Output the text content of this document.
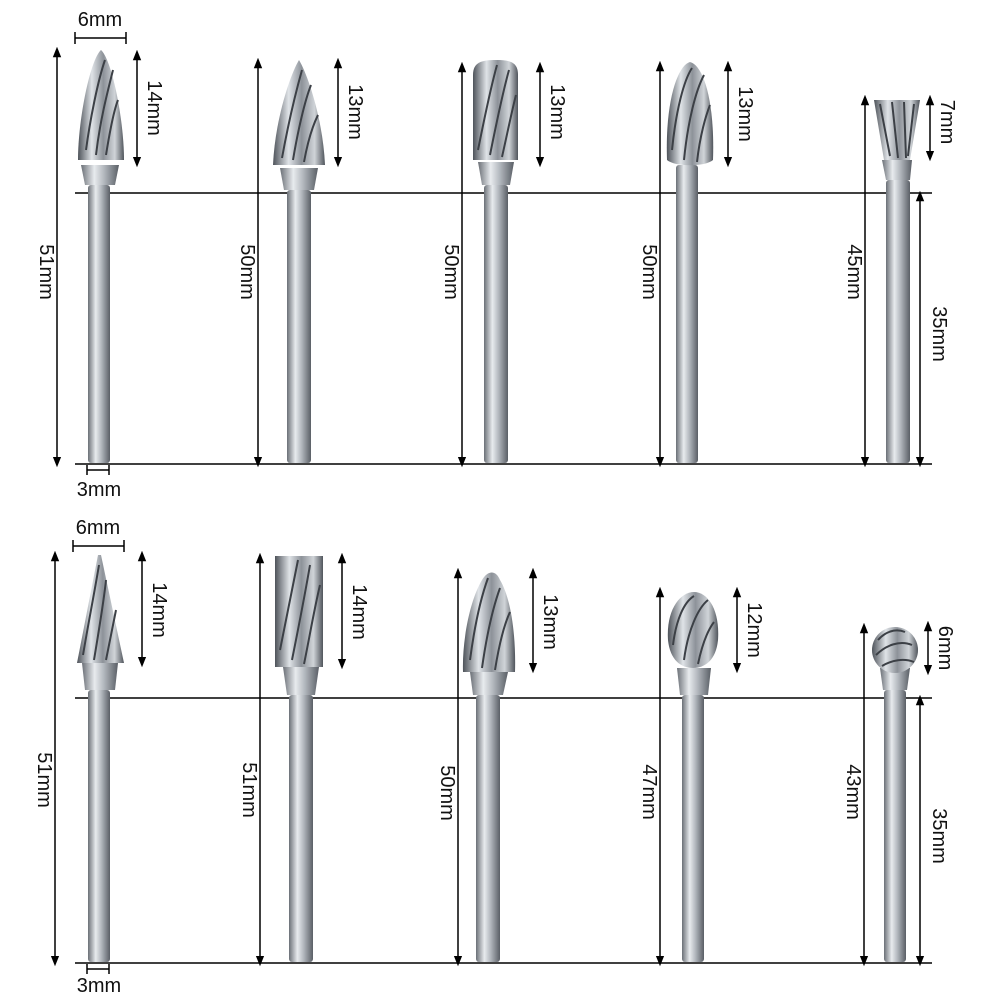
6mm
3mm
51mm
14mm
50mm
13mm
50mm
13mm
50mm
13mm
45mm
7mm
35mm
6mm
3mm
51mm
14mm
51mm
14mm
50mm
13mm
47mm
12mm
43mm
6mm
35mm
